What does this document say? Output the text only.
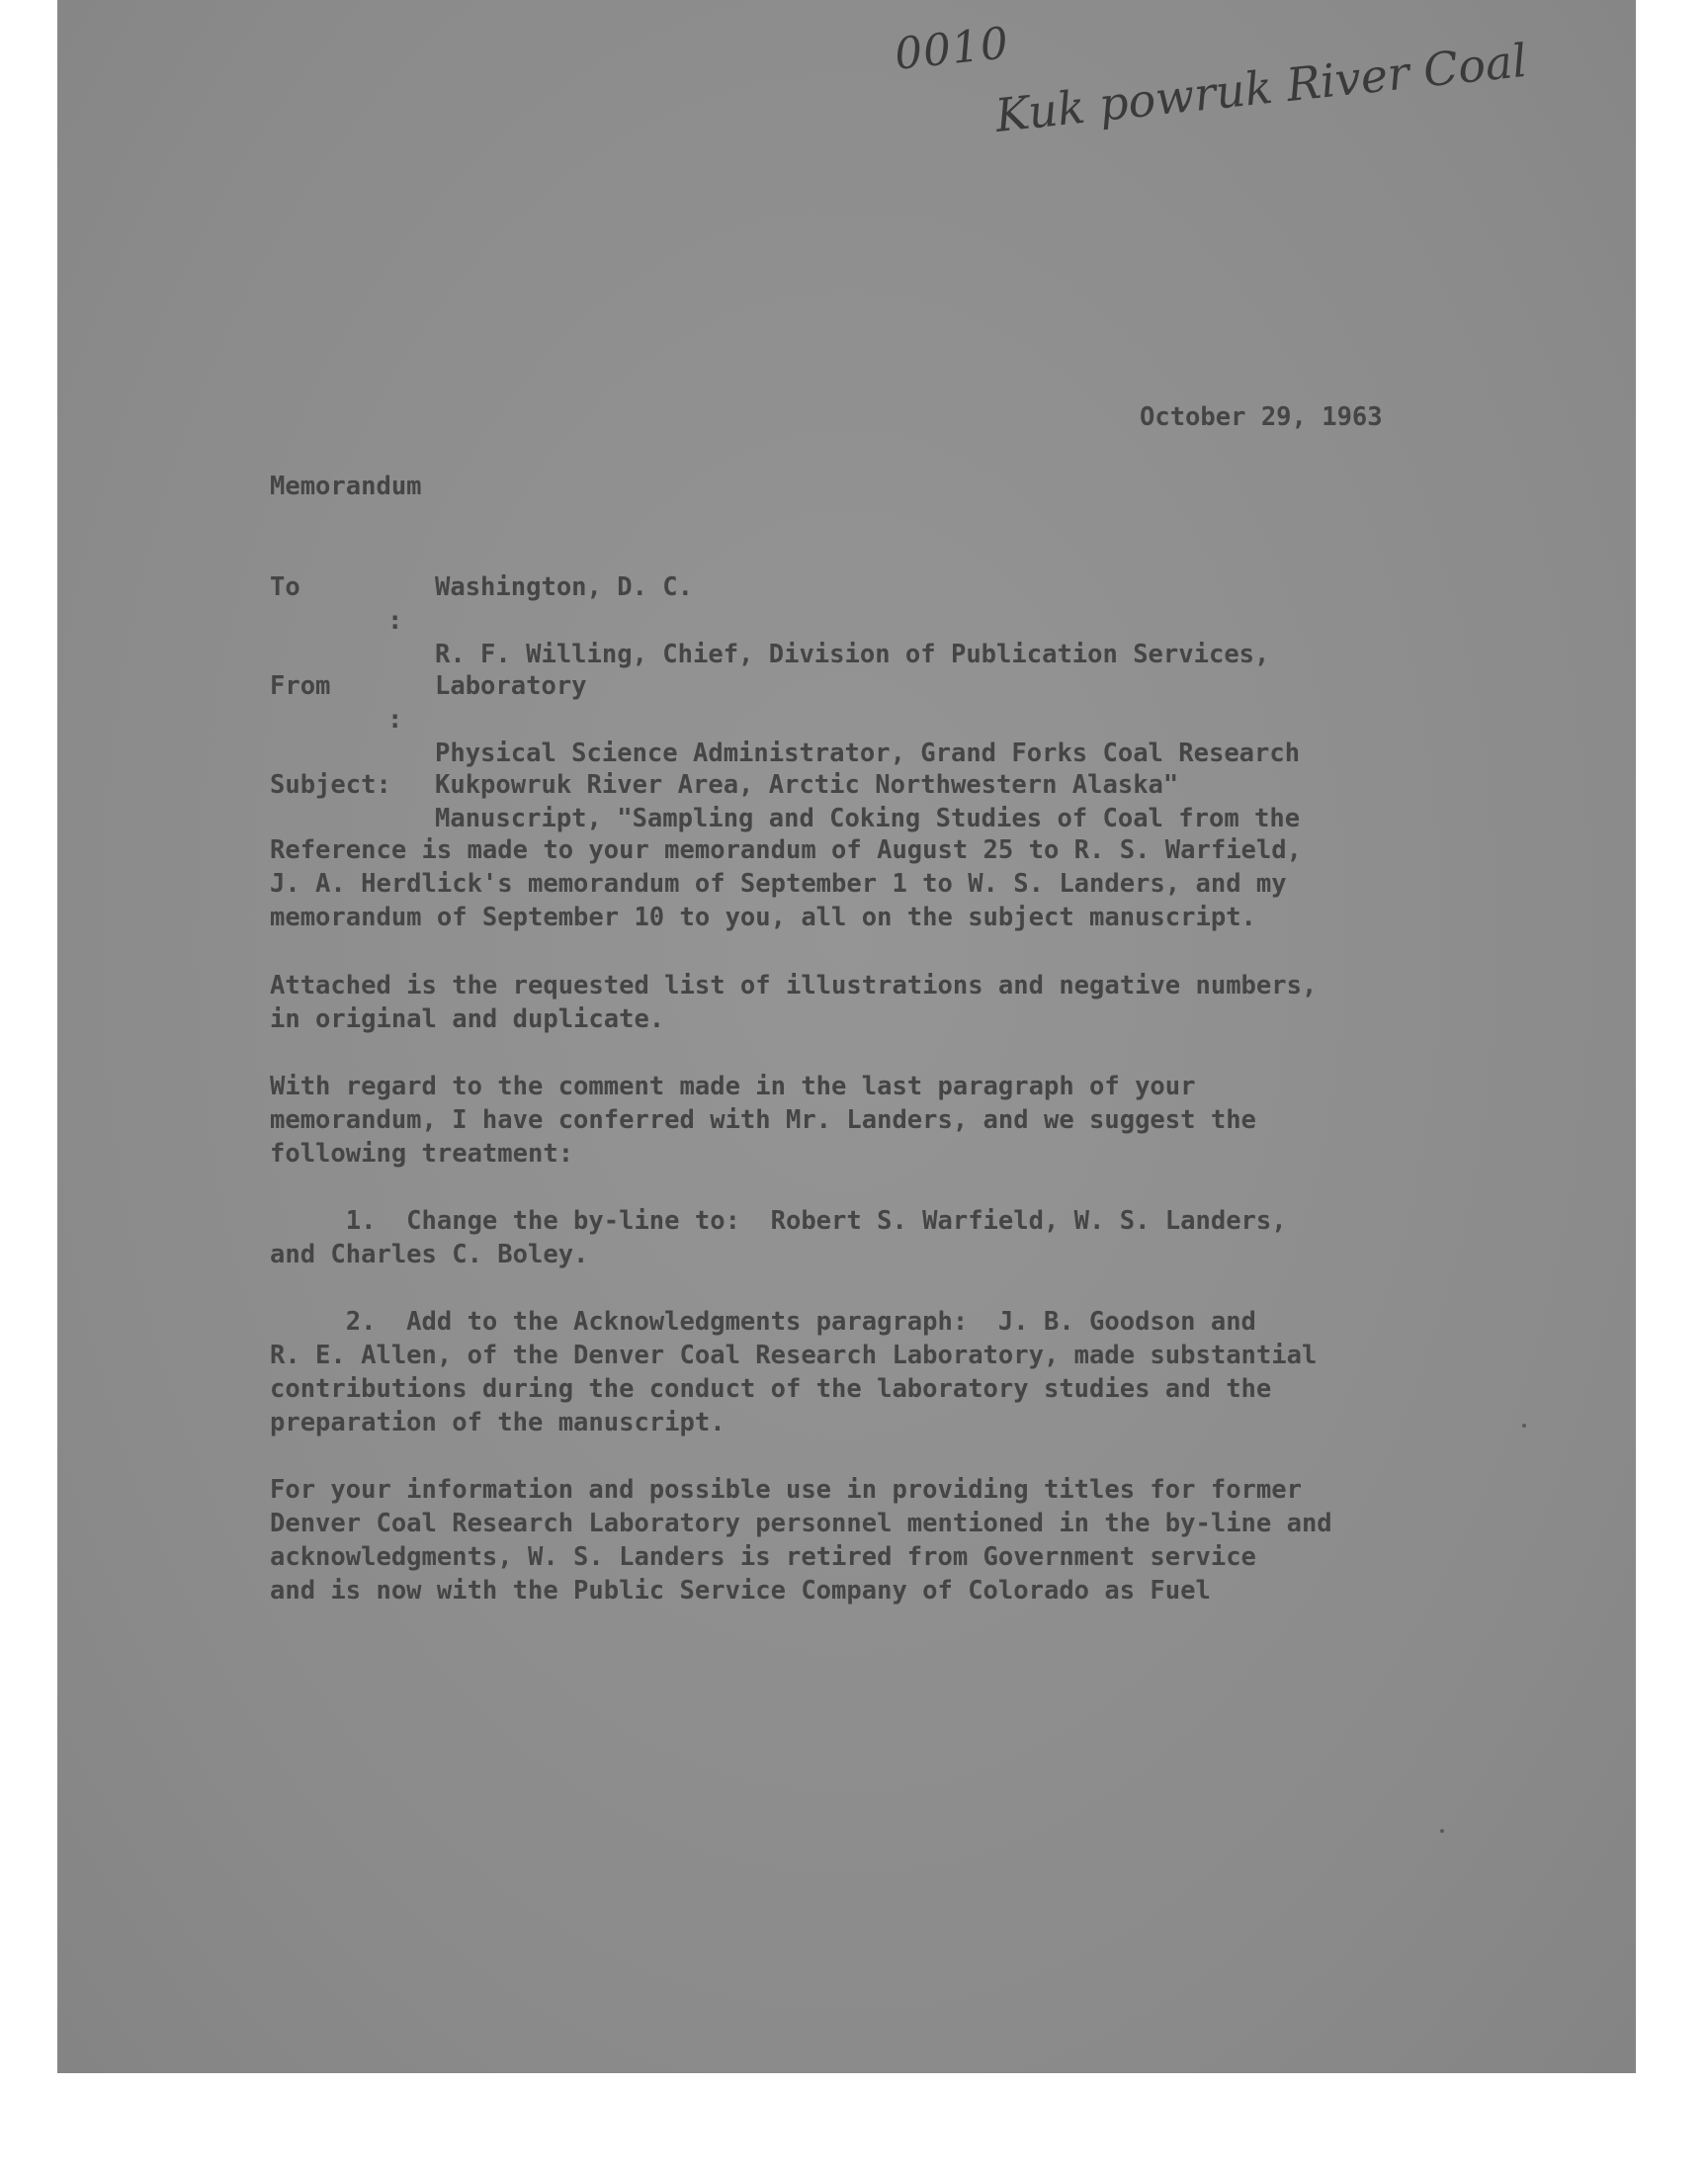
0010
Kuk powruk River Coal
October 29, 1963
Memorandum

To

:

R. F. Willing, Chief, Division of Publication Services,

Washington, D. C.

From

:

Physical Science Administrator, Grand Forks Coal Research

Laboratory

Subject:

Manuscript, "Sampling and Coking Studies of Coal from the

Kukpowruk River Area, Arctic Northwestern Alaska"

Reference is made to your memorandum of August 25 to R. S. Warfield,
J. A. Herdlick's memorandum of September 1 to W. S. Landers, and my
memorandum of September 10 to you, all on the subject manuscript.
Attached is the requested list of illustrations and negative numbers,
in original and duplicate.
With regard to the comment made in the last paragraph of your
memorandum, I have conferred with Mr. Landers, and we suggest the
following treatment:
1.  Change the by-line to:  Robert S. Warfield, W. S. Landers,
and Charles C. Boley.
2.  Add to the Acknowledgments paragraph:  J. B. Goodson and
R. E. Allen, of the Denver Coal Research Laboratory, made substantial
contributions during the conduct of the laboratory studies and the
preparation of the manuscript.
For your information and possible use in providing titles for former
Denver Coal Research Laboratory personnel mentioned in the by-line and
acknowledgments, W. S. Landers is retired from Government service
and is now with the Public Service Company of Colorado as Fuel
